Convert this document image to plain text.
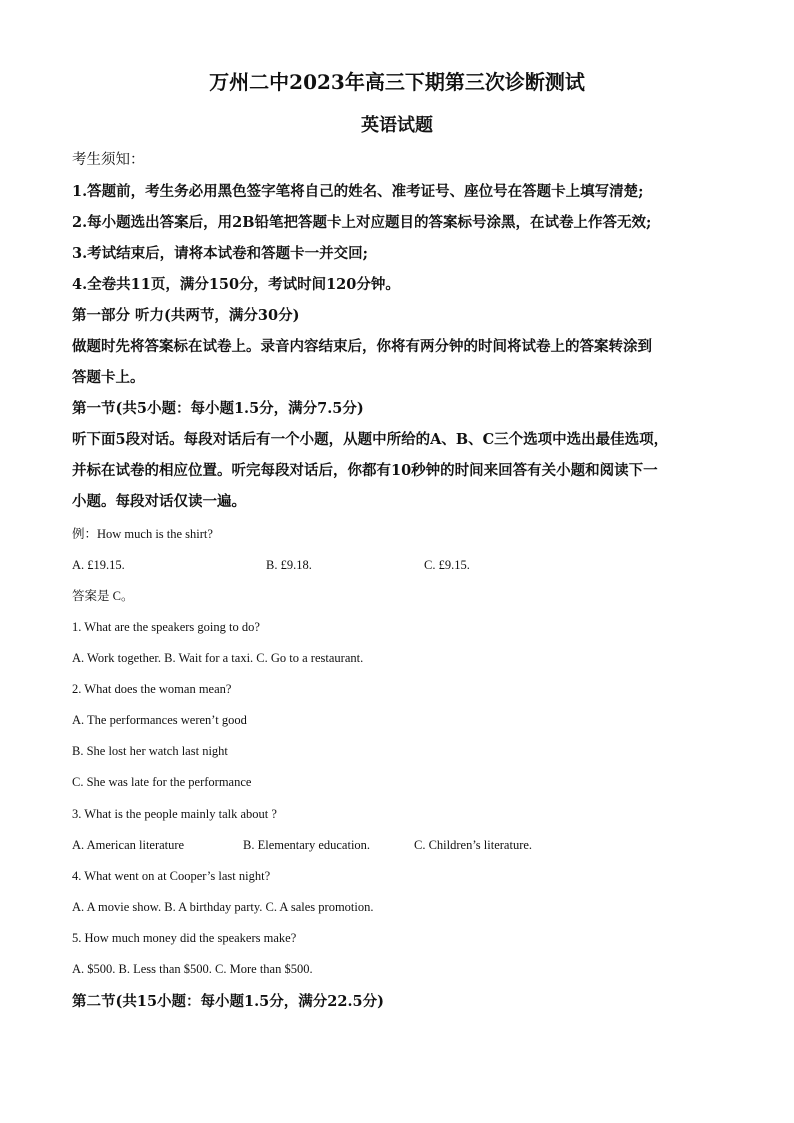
万州二中2023年高三下期第三次诊断测试
英语试题
考生须知：
1.答题前，考生务必用黑色签字笔将自己的姓名、准考证号、座位号在答题卡上填写清楚;
2.每小题选出答案后，用2B铅笔把答题卡上对应题目的答案标号涂黑，在试卷上作答无效;
3.考试结束后，请将本试卷和答题卡一并交回;
4.全卷共11页，满分150分，考试时间120分钟。
第一部分 听力(共两节，满分30分)
做题时先将答案标在试卷上。录音内容结束后，你将有两分钟的时间将试卷上的答案转涂到
答题卡上。
第一节(共5小题：每小题1.5分，满分7.5分)
听下面5段对话。每段对话后有一个小题，从题中所给的A、B、C三个选项中选出最佳选项，
并标在试卷的相应位置。听完每段对话后，你都有10秒钟的时间来回答有关小题和阅读下一
小题。每段对话仅读一遍。
例：How much is the shirt?
A. £19.15.	B. £9.18.	C. £9.15.
答案是 C。
1. What are the speakers going to do?
A. Work together. B. Wait for a taxi. C. Go to a restaurant.
2. What does the woman mean?
A. The performances weren’t good
B. She lost her watch last night
C. She was late for the performance
3. What is the people mainly talk about ?
A. American literature	B. Elementary education.	C. Children’s literature.
4. What went on at Cooper’s last night?
A. A movie show. B. A birthday party. C. A sales promotion.
5. How much money did the speakers make?
A. $500. B. Less than $500. C. More than $500.
第二节(共15小题：每小题1.5分，满分22.5分)
